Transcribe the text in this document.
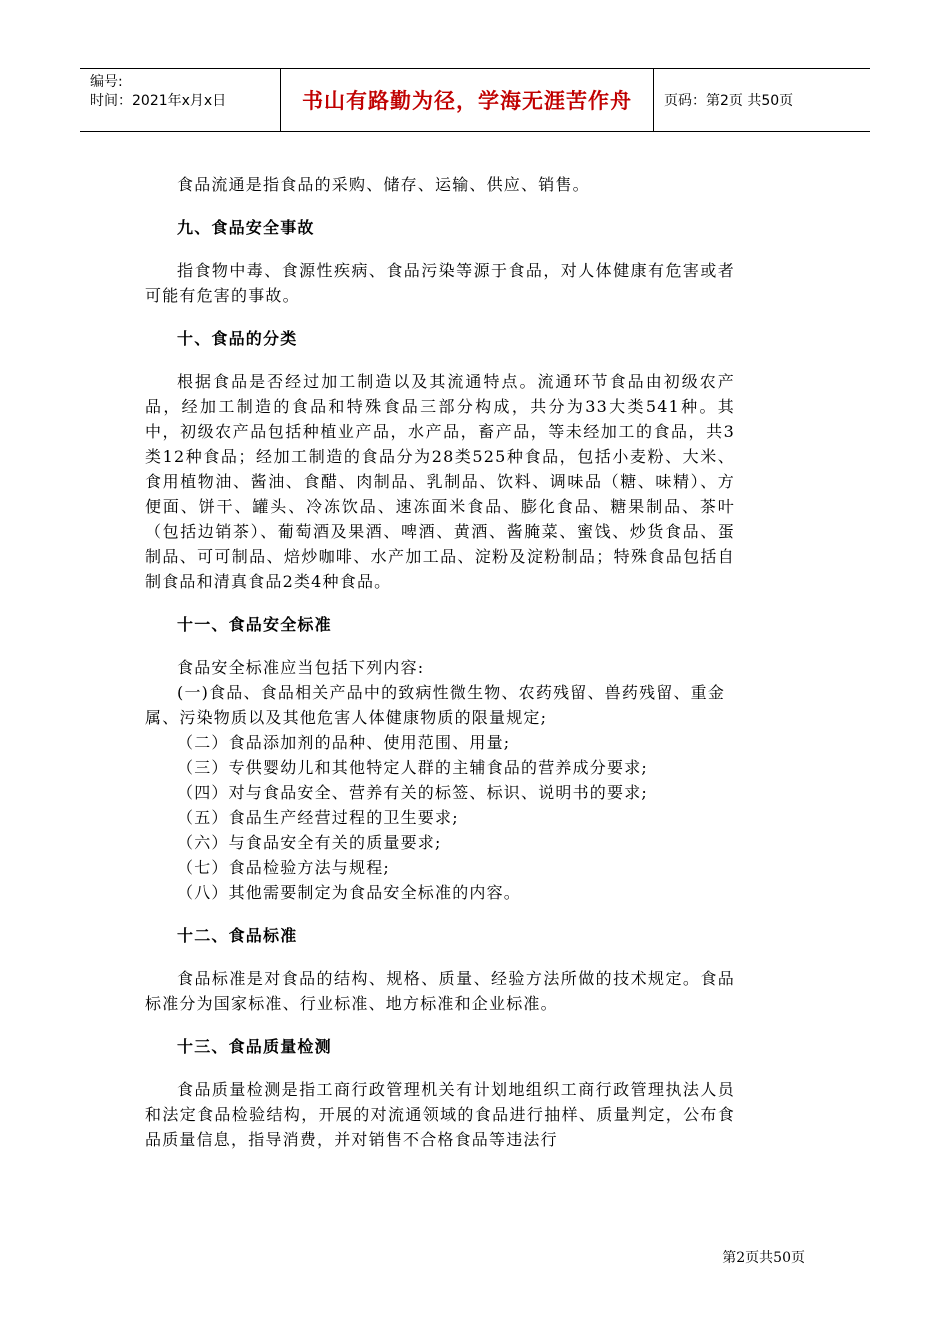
编号:
时间：2021年x月x日	书山有路勤为径，学海无涯苦作舟	页码：第2页 共50页

食品流通是指食品的采购、储存、运输、供应、销售。

九、食品安全事故

指食物中毒、食源性疾病、食品污染等源于食品，对人体健康有危害或者可能有危害的事故。

十、食品的分类

根据食品是否经过加工制造以及其流通特点。流通环节食品由初级农产品，经加工制造的食品和特殊食品三部分构成，共分为33大类541种。其中，初级农产品包括种植业产品，水产品，畜产品，等未经加工的食品，共3类12种食品；经加工制造的食品分为28类525种食品，包括小麦粉、大米、食用植物油、酱油、食醋、肉制品、乳制品、饮料、调味品（糖、味精）、方便面、饼干、罐头、冷冻饮品、速冻面米食品、膨化食品、糖果制品、茶叶（包括边销茶）、葡萄酒及果酒、啤酒、黄酒、酱腌菜、蜜饯、炒货食品、蛋制品、可可制品、焙炒咖啡、水产加工品、淀粉及淀粉制品；特殊食品包括自制食品和清真食品2类4种食品。

十一、食品安全标准
食品安全标准应当包括下列内容:
(一)食品、食品相关产品中的致病性微生物、农药残留、兽药残留、重金属、污染物质以及其他危害人体健康物质的限量规定;
（二）食品添加剂的品种、使用范围、用量;
（三）专供婴幼儿和其他特定人群的主辅食品的营养成分要求;
（四）对与食品安全、营养有关的标签、标识、说明书的要求;
（五）食品生产经营过程的卫生要求;
（六）与食品安全有关的质量要求;
（七）食品检验方法与规程;
（八）其他需要制定为食品安全标准的内容。
十二、食品标准

食品标准是对食品的结构、规格、质量、经验方法所做的技术规定。食品标准分为国家标准、行业标准、地方标准和企业标准。

十三、食品质量检测

食品质量检测是指工商行政管理机关有计划地组织工商行政管理执法人员和法定食品检验结构，开展的对流通领域的食品进行抽样、质量判定，公布食品质量信息，指导消费，并对销售不合格食品等违法行

第2页共50页
